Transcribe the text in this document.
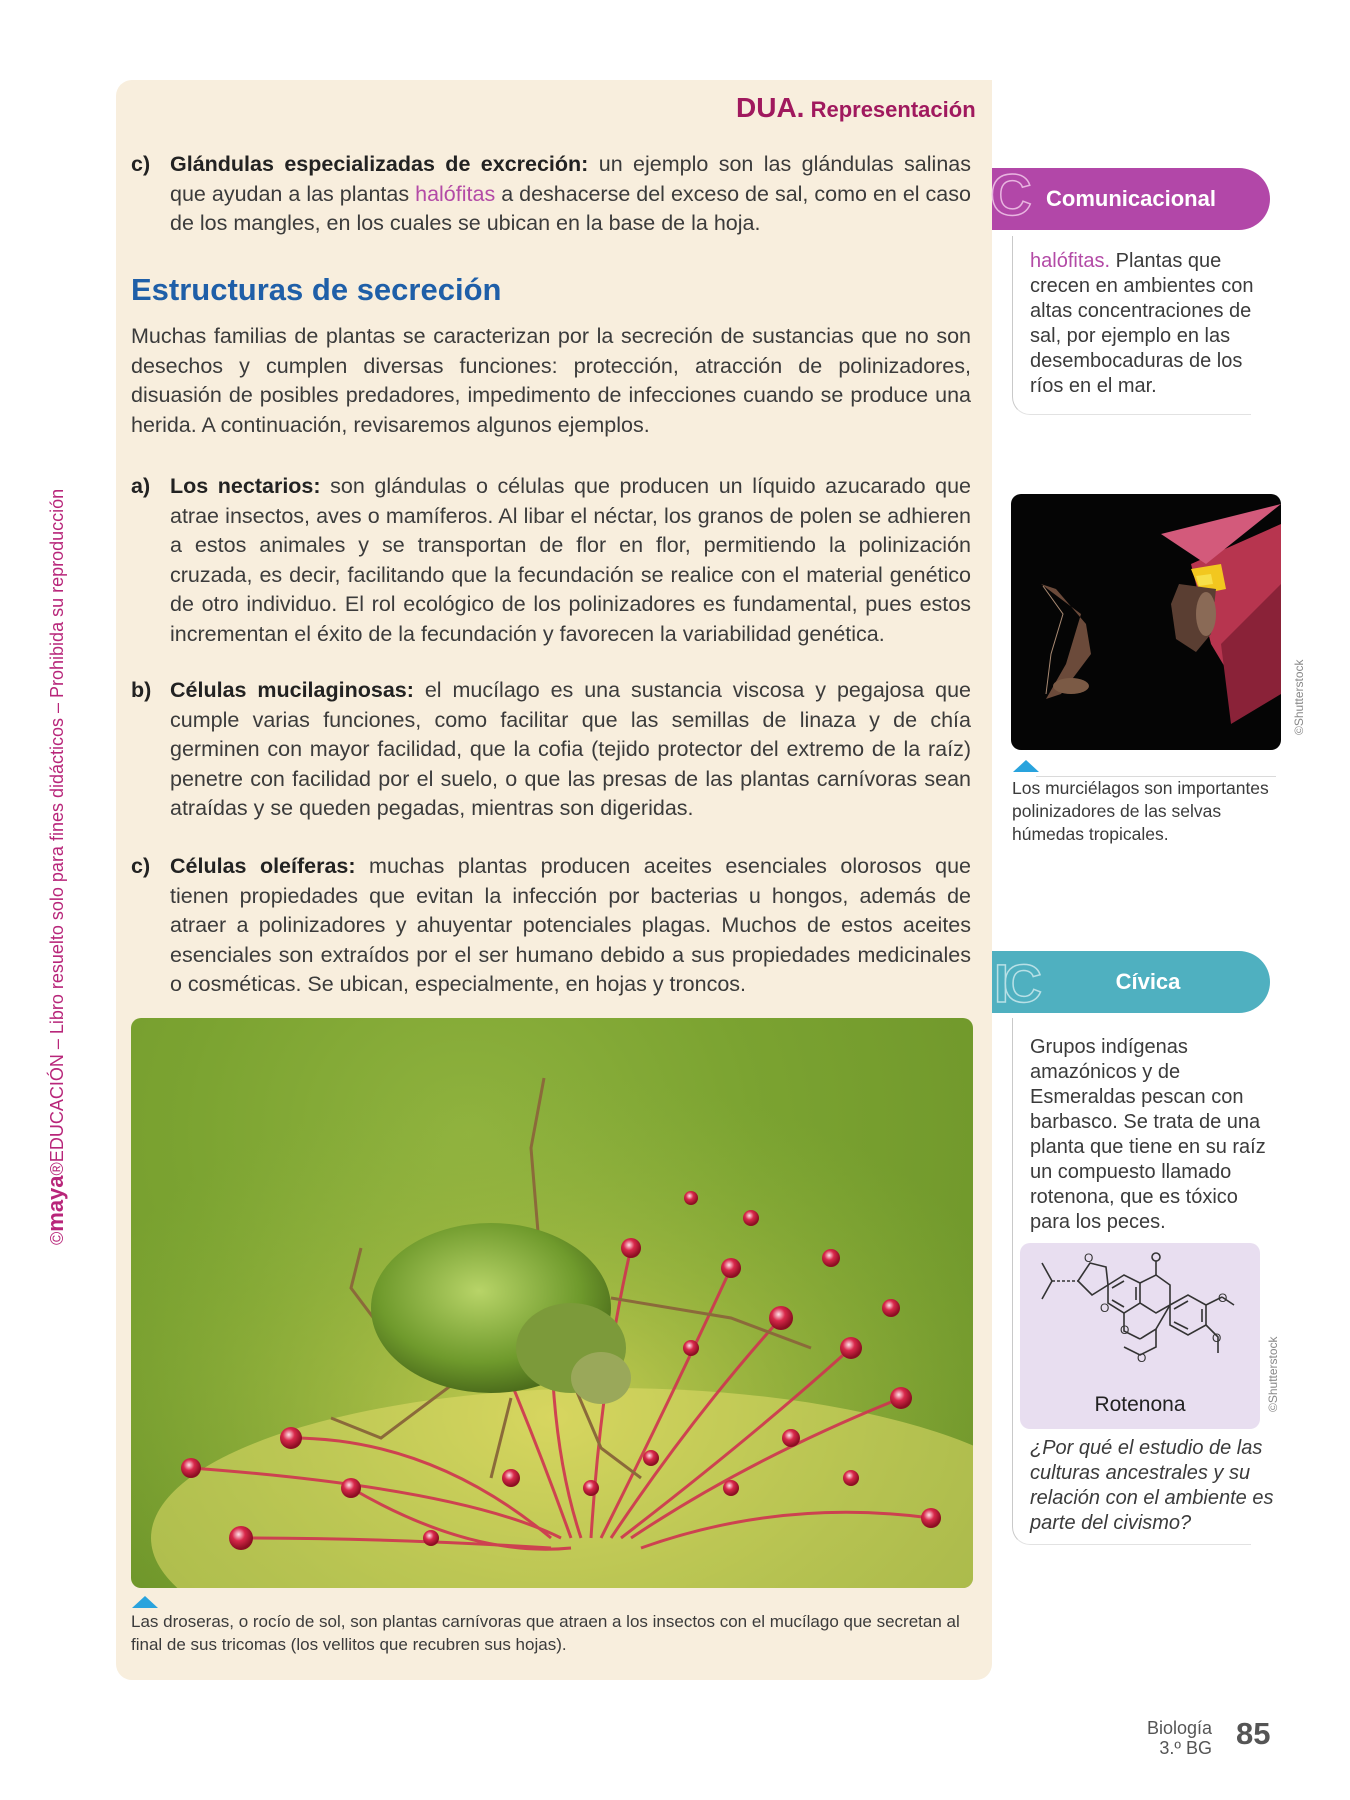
©maya®EDUCACIÓN – Libro resuelto solo para fines didácticos – Prohibida su reproducción
DUA. Representación
c) Glándulas especializadas de excreción: un ejemplo son las glándulas salinas que ayudan a las plantas halófitas a deshacerse del exceso de sal, como en el caso de los mangles, en los cuales se ubican en la base de la hoja.
Estructuras de secreción
Muchas familias de plantas se caracterizan por la secreción de sustancias que no son desechos y cumplen diversas funciones: protección, atracción de polinizadores, disuasión de posibles predadores, impedimento de infecciones cuando se produce una herida. A continuación, revisaremos algunos ejemplos.
a) Los nectarios: son glándulas o células que producen un líquido azucarado que atrae insectos, aves o mamíferos. Al libar el néctar, los granos de polen se adhieren a estos animales y se transportan de flor en flor, permitiendo la polinización cruzada, es decir, facilitando que la fecundación se realice con el material genético de otro individuo. El rol ecológico de los polinizadores es fundamental, pues estos incrementan el éxito de la fecundación y favorecen la variabilidad genética.
b) Células mucilaginosas: el mucílago es una sustancia viscosa y pegajosa que cumple varias funciones, como facilitar que las semillas de linaza y de chía germinen con mayor facilidad, que la cofia (tejido protector del extremo de la raíz) penetre con facilidad por el suelo, o que las presas de las plantas carnívoras sean atraídas y se queden pegadas, mientras son digeridas.
c) Células oleíferas: muchas plantas producen aceites esenciales olorosos que tienen propiedades que evitan la infección por bacterias u hongos, además de atraer a polinizadores y ahuyentar potenciales plagas. Muchos de estos aceites esenciales son extraídos por el ser humano debido a sus propiedades medicinales o cosméticas. Se ubican, especialmente, en hojas y troncos.
Las droseras, o rocío de sol, son plantas carnívoras que atraen a los insectos con el mucílago que secretan al final de sus tricomas (los vellitos que recubren sus hojas).
Comunicacional
C
halófitas. Plantas que crecen en ambientes con altas concentraciones de sal, por ejemplo en las desembocaduras de los ríos en el mar.
©Shutterstock
Los murciélagos son importantes polinizadores de las selvas húmedas tropicales.
Cívica
IC
Grupos indígenas amazónicos y de Esmeraldas pescan con barbasco. Se trata de una planta que tiene en su raíz un compuesto llamado rotenona, que es tóxico para los peces.
O
O
O
O
O
O
Rotenona	©Shutterstock
¿Por qué el estudio de las culturas ancestrales y su relación con el ambiente es parte del civismo?
Biología
3.º BG 85
